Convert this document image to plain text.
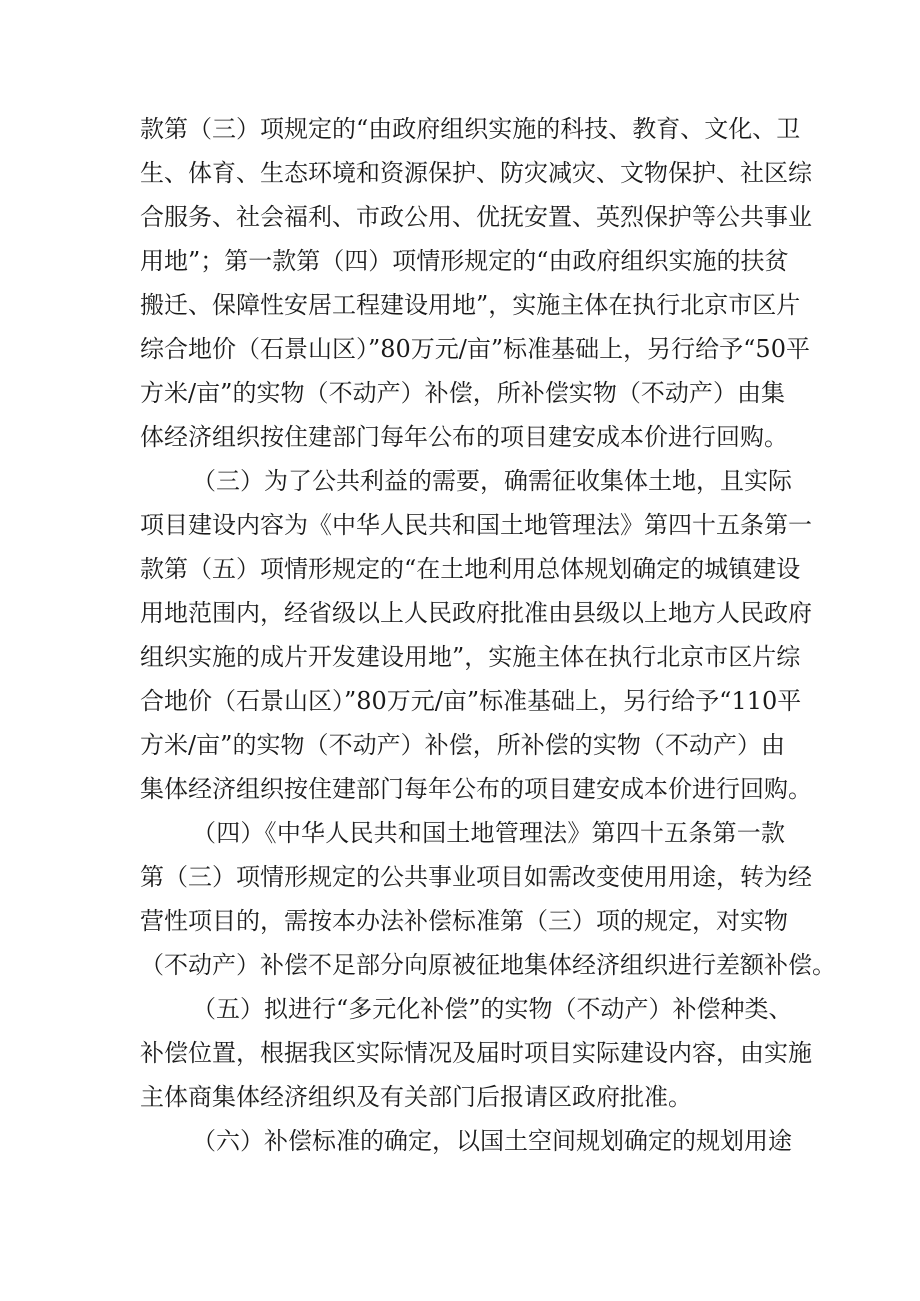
款第（三）项规定的“由政府组织实施的科技、教育、文化、卫
生、体育、生态环境和资源保护、防灾减灾、文物保护、社区综
合服务、社会福利、市政公用、优抚安置、英烈保护等公共事业
用地”；第一款第（四）项情形规定的“由政府组织实施的扶贫
搬迁、保障性安居工程建设用地”，实施主体在执行北京市区片
综合地价（石景山区）”80万元/亩”标准基础上，另行给予“50平
方米/亩”的实物（不动产）补偿，所补偿实物（不动产）由集
体经济组织按住建部门每年公布的项目建安成本价进行回购。
（三）为了公共利益的需要，确需征收集体土地，且实际
项目建设内容为《中华人民共和国土地管理法》第四十五条第一
款第（五）项情形规定的“在土地利用总体规划确定的城镇建设
用地范围内，经省级以上人民政府批准由县级以上地方人民政府
组织实施的成片开发建设用地”，实施主体在执行北京市区片综
合地价（石景山区）”80万元/亩”标准基础上，另行给予“110平
方米/亩”的实物（不动产）补偿，所补偿的实物（不动产）由
集体经济组织按住建部门每年公布的项目建安成本价进行回购。
（四）《中华人民共和国土地管理法》第四十五条第一款
第（三）项情形规定的公共事业项目如需改变使用用途，转为经
营性项目的，需按本办法补偿标准第（三）项的规定，对实物
（不动产）补偿不足部分向原被征地集体经济组织进行差额补偿。
（五）拟进行“多元化补偿”的实物（不动产）补偿种类、
补偿位置，根据我区实际情况及届时项目实际建设内容，由实施
主体商集体经济组织及有关部门后报请区政府批准。
（六）补偿标准的确定，以国土空间规划确定的规划用途
